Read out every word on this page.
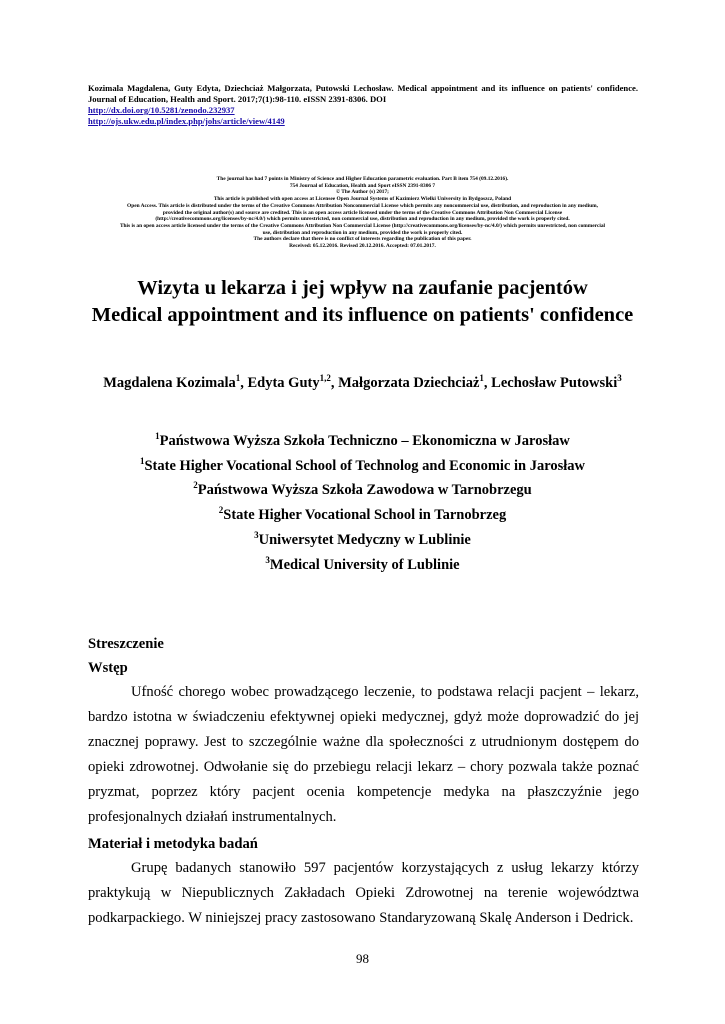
Kozimala Magdalena, Guty Edyta, Dziechciaż Małgorzata, Putowski Lechosław. Medical appointment and its influence on patients' confidence. Journal of Education, Health and Sport. 2017;7(1):98-110. eISSN 2391-8306. DOI
http://dx.doi.org/10.5281/zenodo.232937
http://ojs.ukw.edu.pl/index.php/johs/article/view/4149
The journal has had 7 points in Ministry of Science and Higher Education parametric evaluation. Part B item 754 (09.12.2016).
754 Journal of Education, Health and Sport eISSN 2391-8306 7
© The Author (s) 2017;
This article is published with open access at Licensee Open Journal Systems of Kazimierz Wielki University in Bydgoszcz, Poland
Open Access. This article is distributed under the terms of the Creative Commons Attribution Noncommercial License which permits any noncommercial use, distribution, and reproduction in any medium,
provided the original author(s) and source are credited. This is an open access article licensed under the terms of the Creative Commons Attribution Non Commercial License
(http://creativecommons.org/licenses/by-nc/4.0/) which permits unrestricted, non commercial use, distribution and reproduction in any medium, provided the work is properly cited.
This is an open access article licensed under the terms of the Creative Commons Attribution Non Commercial License (http://creativecommons.org/licenses/by-nc/4.0/) which permits unrestricted, non commercial
use, distribution and reproduction in any medium, provided the work is properly cited.
The authors declare that there is no conflict of interests regarding the publication of this paper.
Received: 05.12.2016. Revised 20.12.2016. Accepted: 07.01.2017.
Wizyta u lekarza i jej wpływ na zaufanie pacjentów
Medical appointment and its influence on patients' confidence
Magdalena Kozimala$^1$, Edyta Guty$^{1,2}$, Małgorzata Dziechciaż$^1$, Lechosław Putowski$^3$
$^1$Państwowa Wyższa Szkoła Techniczno – Ekonomiczna w Jarosław
$^1$State Higher Vocational School of Technolog and Economic in Jarosław
$^2$Państwowa Wyższa Szkoła Zawodowa w Tarnobrzegu
$^2$State Higher Vocational School in Tarnobrzeg
$^3$Uniwersytet Medyczny w Lublinie
$^3$Medical University of Lublinie
Streszczenie
Wstęp
Ufność chorego wobec prowadzącego leczenie, to podstawa relacji pacjent – lekarz, bardzo istotna w świadczeniu efektywnej opieki medycznej, gdyż może doprowadzić do jej znacznej poprawy. Jest to szczególnie ważne dla społeczności z utrudnionym dostępem do opieki zdrowotnej. Odwołanie się do przebiegu relacji lekarz – chory pozwala także poznać pryzmat, poprzez który pacjent ocenia kompetencje medyka na płaszczyźnie jego profesjonalnych działań instrumentalnych.
Materiał i metodyka badań
Grupę badanych stanowiło 597 pacjentów korzystających z usług lekarzy którzy praktykują w Niepublicznych Zakładach Opieki Zdrowotnej na terenie województwa podkarpackiego. W niniejszej pracy zastosowano Standaryzowaną Skalę Anderson i Dedrick.
98
